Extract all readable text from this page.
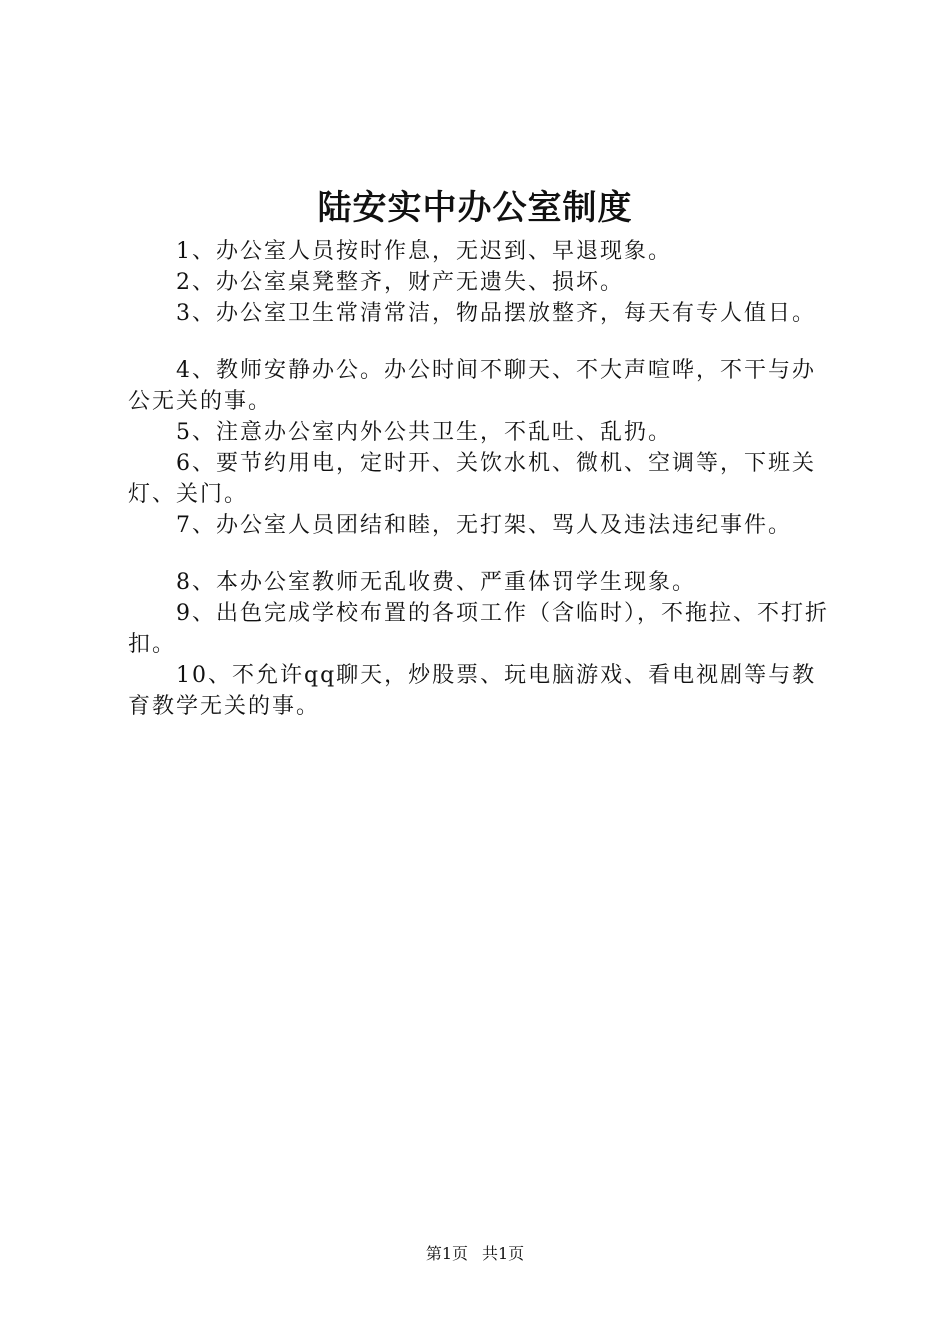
陆安实中办公室制度

1、办公室人员按时作息，无迟到、早退现象。

2、办公室桌凳整齐，财产无遗失、损坏。

3、办公室卫生常清常洁，物品摆放整齐，每天有专人值日。

4、教师安静办公。办公时间不聊天、不大声喧哗，不干与办公无关的事。

5、注意办公室内外公共卫生，不乱吐、乱扔。

6、要节约用电，定时开、关饮水机、微机、空调等，下班关灯、关门。

7、办公室人员团结和睦，无打架、骂人及违法违纪事件。

8、本办公室教师无乱收费、严重体罚学生现象。

9、出色完成学校布置的各项工作（含临时），不拖拉、不打折扣。

10、不允许qq聊天，炒股票、玩电脑游戏、看电视剧等与教育教学无关的事。

第1页 共1页
